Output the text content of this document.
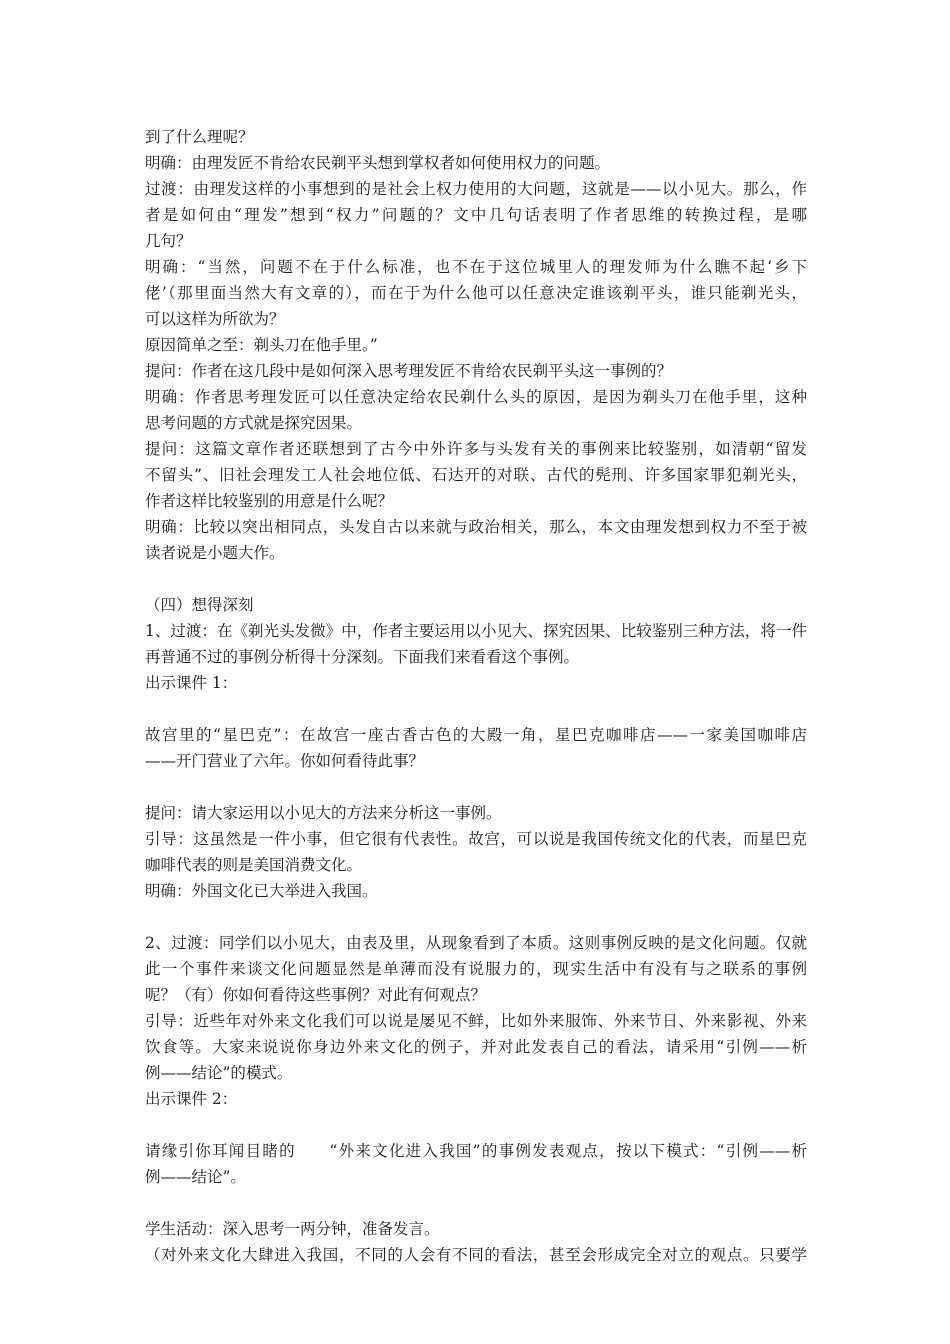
到了什么理呢？
明确：由理发匠不肯给农民剃平头想到掌权者如何使用权力的问题。
过渡：由理发这样的小事想到的是社会上权力使用的大问题，这就是——以小见大。那么，作
者是如何由“理发”想到“权力”问题的？文中几句话表明了作者思维的转换过程，是哪
几句？
明确：“当然，问题不在于什么标准，也不在于这位城里人的理发师为什么瞧不起‘乡下
佬’（那里面当然大有文章的），而在于为什么他可以任意决定谁该剃平头，谁只能剃光头，
可以这样为所欲为？
原因简单之至：剃头刀在他手里。”
提问：作者在这几段中是如何深入思考理发匠不肯给农民剃平头这一事例的？
明确：作者思考理发匠可以任意决定给农民剃什么头的原因，是因为剃头刀在他手里，这种
思考问题的方式就是探究因果。
提问：这篇文章作者还联想到了古今中外许多与头发有关的事例来比较鉴别，如清朝“留发
不留头”、旧社会理发工人社会地位低、石达开的对联、古代的髡刑、许多国家罪犯剃光头，
作者这样比较鉴别的用意是什么呢？
明确：比较以突出相同点，头发自古以来就与政治相关，那么，本文由理发想到权力不至于被
读者说是小题大作。
（四）想得深刻
1、过渡：在《剃光头发微》中，作者主要运用以小见大、探究因果、比较鉴别三种方法，将一件
再普通不过的事例分析得十分深刻。下面我们来看看这个事例。
出示课件 1：
故宫里的“星巴克”：在故宫一座古香古色的大殿一角，星巴克咖啡店——一家美国咖啡店
——开门营业了六年。你如何看待此事？
提问：请大家运用以小见大的方法来分析这一事例。
引导：这虽然是一件小事，但它很有代表性。故宫，可以说是我国传统文化的代表，而星巴克
咖啡代表的则是美国消费文化。
明确：外国文化已大举进入我国。
2、过渡：同学们以小见大，由表及里，从现象看到了本质。这则事例反映的是文化问题。仅就
此一个事件来谈文化问题显然是单薄而没有说服力的，现实生活中有没有与之联系的事例
呢？（有）你如何看待这些事例？对此有何观点？
引导：近些年对外来文化我们可以说是屡见不鲜，比如外来服饰、外来节日、外来影视、外来
饮食等。大家来说说你身边外来文化的例子，并对此发表自己的看法，请采用“引例——析
例——结论”的模式。
出示课件 2：
请缘引你耳闻目睹的　　“外来文化进入我国”的事例发表观点，按以下模式：“引例——析
例——结论”。
学生活动：深入思考一两分钟，准备发言。
（对外来文化大肆进入我国，不同的人会有不同的看法，甚至会形成完全对立的观点。只要学
